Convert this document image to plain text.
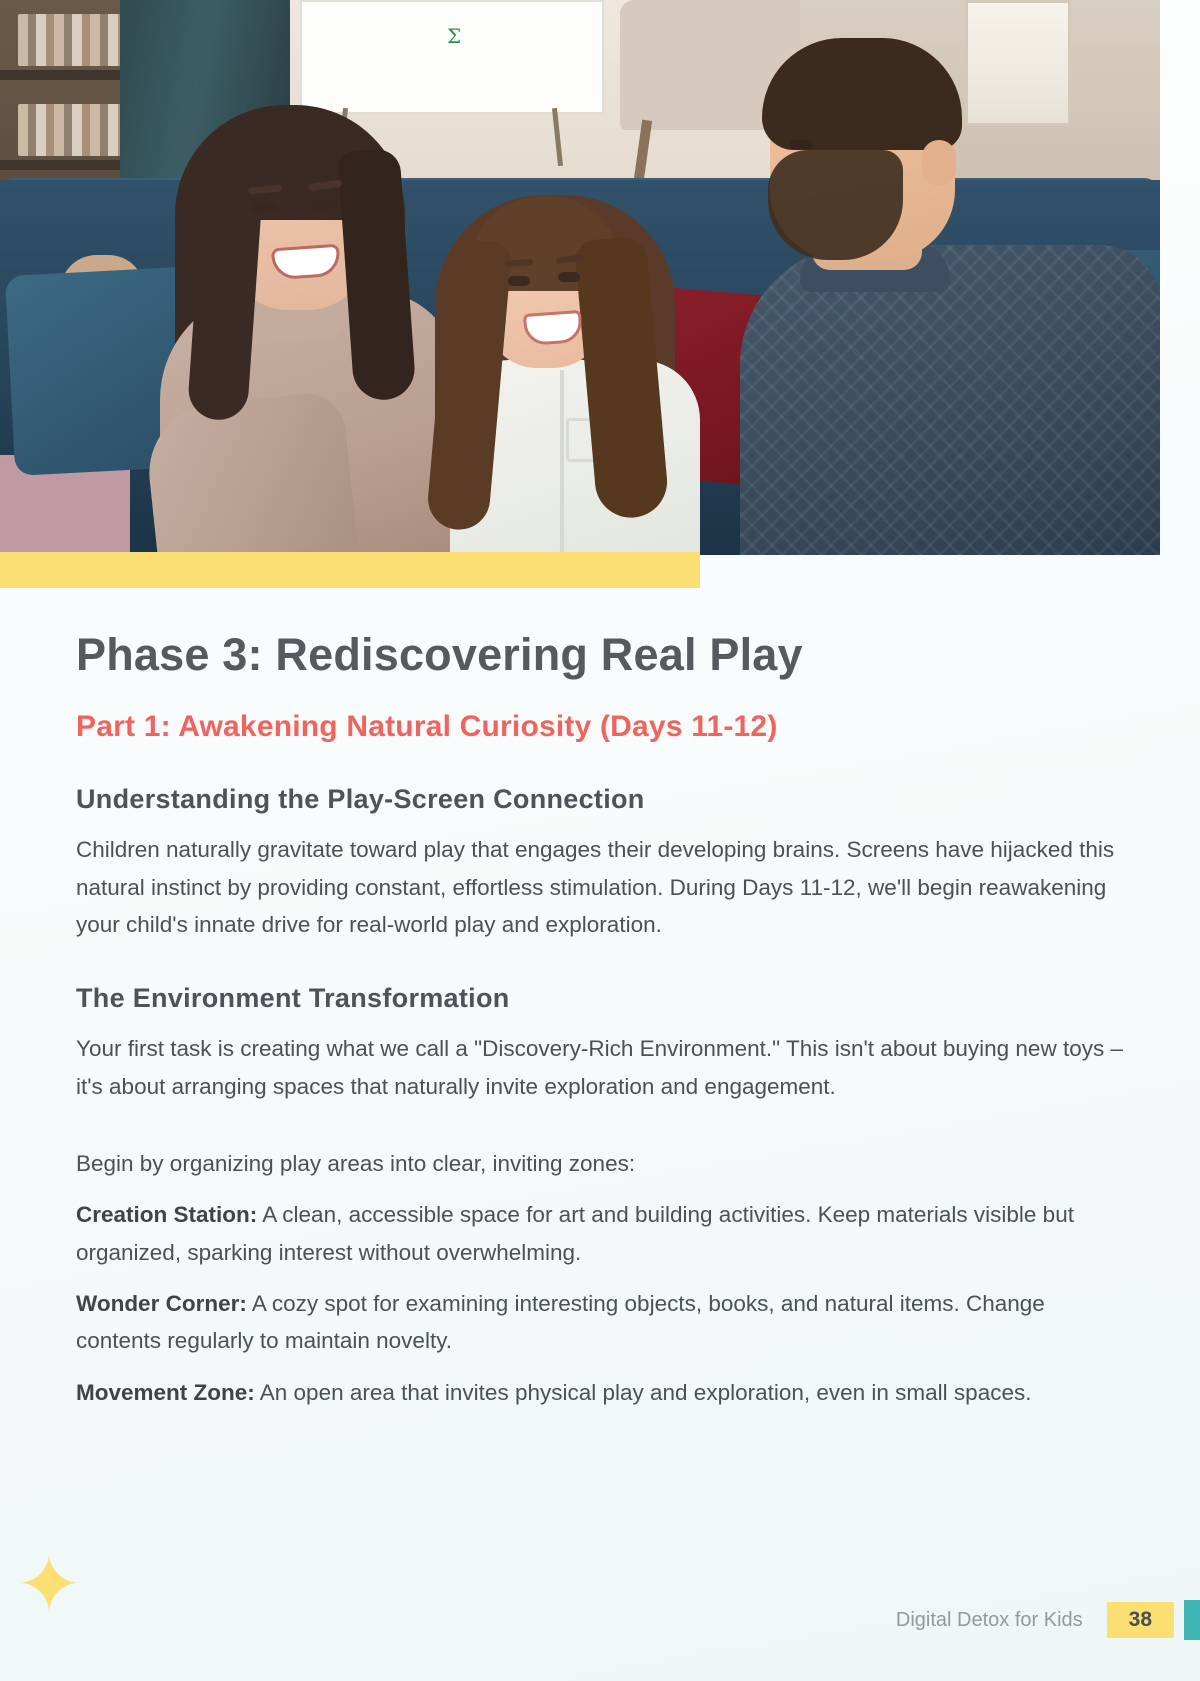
Σ
✦
Phase 3: Rediscovering Real Play
Part 1: Awakening Natural Curiosity (Days 11-12)
Understanding the Play-Screen Connection

Children naturally gravitate toward play that engages their developing brains. Screens have hijacked this natural instinct by providing constant, effortless stimulation. During Days 11-12, we'll begin reawakening your child's innate drive for real-world play and exploration.

The Environment Transformation

Your first task is creating what we call a "Discovery-Rich Environment." This isn't about buying new toys – it's about arranging spaces that naturally invite exploration and engagement.

Begin by organizing play areas into clear, inviting zones:

Creation Station: A clean, accessible space for art and building activities. Keep materials visible but organized, sparking interest without overwhelming.

Wonder Corner: A cozy spot for examining interesting objects, books, and natural items. Change contents regularly to maintain novelty.

Movement Zone: An open area that invites physical play and exploration, even in small spaces.

Digital Detox for Kids	38
